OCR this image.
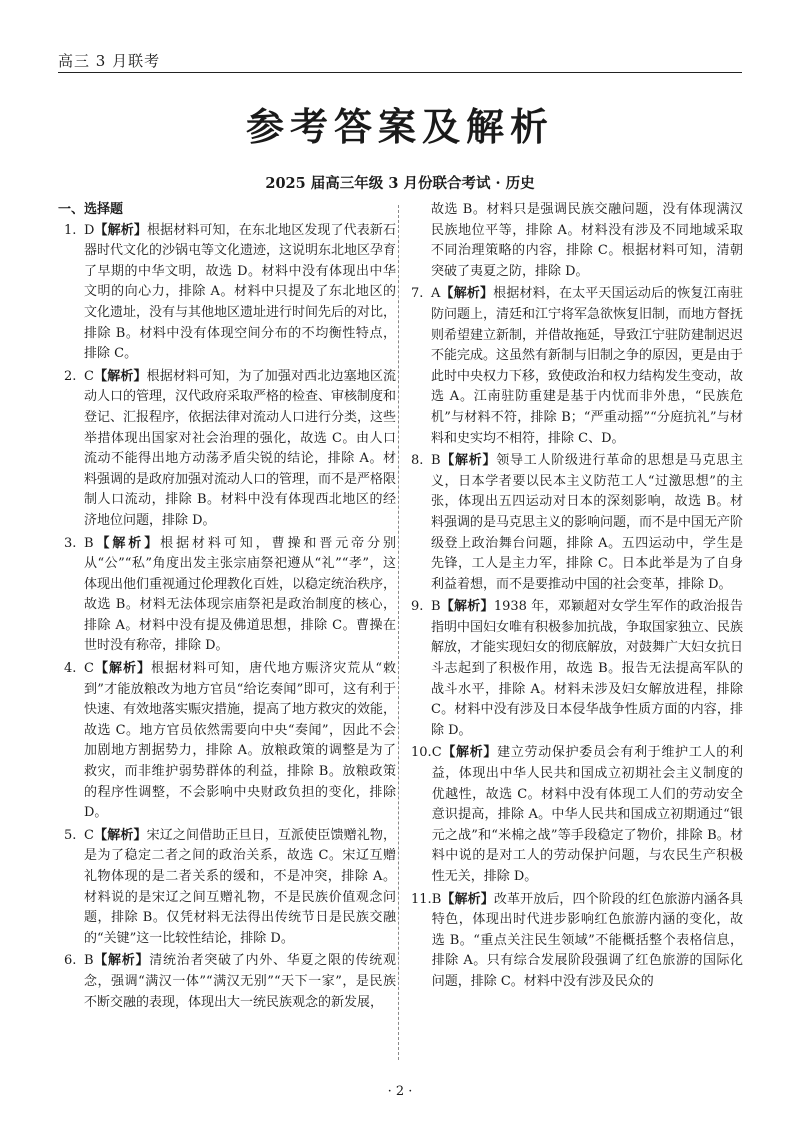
高三 3 月联考
参考答案及解析
2025 届高三年级 3 月份联合考试 · 历史

一、选择题

1. D【解析】根据材料可知，在东北地区发现了代表新石器时代文化的沙锅屯等文化遗迹，这说明东北地区孕育了早期的中华文明，故选 D。材料中没有体现出中华文明的向心力，排除 A。材料中只提及了东北地区的文化遗址，没有与其他地区遗址进行时间先后的对比，排除 B。材料中没有体现空间分布的不均衡性特点，排除 C。
2. C【解析】根据材料可知，为了加强对西北边塞地区流动人口的管理，汉代政府采取严格的检查、审核制度和登记、汇报程序，依据法律对流动人口进行分类，这些举措体现出国家对社会治理的强化，故选 C。由人口流动不能得出地方动荡矛盾尖锐的结论，排除 A。材料强调的是政府加强对流动人口的管理，而不是严格限制人口流动，排除 B。材料中没有体现西北地区的经济地位问题，排除 D。
3. B【解析】根据材料可知，曹操和晋元帝分别从“公”“私”角度出发主张宗庙祭祀遵从“礼”“孝”，这体现出他们重视通过伦理教化百姓，以稳定统治秩序，故选 B。材料无法体现宗庙祭祀是政治制度的核心，排除 A。材料中没有提及佛道思想，排除 C。曹操在世时没有称帝，排除 D。
4. C【解析】根据材料可知，唐代地方赈济灾荒从“敕到”才能放粮改为地方官员“给讫奏闻”即可，这有利于快速、有效地落实赈灾措施，提高了地方救灾的效能，故选 C。地方官员依然需要向中央“奏闻”，因此不会加剧地方割据势力，排除 A。放粮政策的调整是为了救灾，而非维护弱势群体的利益，排除 B。放粮政策的程序性调整，不会影响中央财政负担的变化，排除 D。
5. C【解析】宋辽之间借助正旦日，互派使臣馈赠礼物，是为了稳定二者之间的政治关系，故选 C。宋辽互赠礼物体现的是二者关系的缓和，不是冲突，排除 A。材料说的是宋辽之间互赠礼物，不是民族价值观念问题，排除 B。仅凭材料无法得出传统节日是民族交融的“关键”这一比较性结论，排除 D。
6. B【解析】清统治者突破了内外、华夏之限的传统观念，强调“满汉一体”“满汉无别”“天下一家”，是民族不断交融的表现，体现出大一统民族观念的新发展，

故选 B。材料只是强调民族交融问题，没有体现满汉民族地位平等，排除 A。材料没有涉及不同地域采取不同治理策略的内容，排除 C。根据材料可知，清朝突破了夷夏之防，排除 D。

7. A【解析】根据材料，在太平天国运动后的恢复江南驻防问题上，清廷和江宁将军急欲恢复旧制，而地方督抚则希望建立新制，并借故拖延，导致江宁驻防建制迟迟不能完成。这虽然有新制与旧制之争的原因，更是由于此时中央权力下移，致使政治和权力结构发生变动，故选 A。江南驻防重建是基于内忧而非外患，“民族危机”与材料不符，排除 B；“严重动摇”“分庭抗礼”与材料和史实均不相符，排除 C、D。
8. B【解析】领导工人阶级进行革命的思想是马克思主义，日本学者要以民本主义防范工人“过激思想”的主张，体现出五四运动对日本的深刻影响，故选 B。材料强调的是马克思主义的影响问题，而不是中国无产阶级登上政治舞台问题，排除 A。五四运动中，学生是先锋，工人是主力军，排除 C。日本此举是为了自身利益着想，而不是要推动中国的社会变革，排除 D。
9. B【解析】1938 年，邓颖超对女学生军作的政治报告指明中国妇女唯有积极参加抗战，争取国家独立、民族解放，才能实现妇女的彻底解放，对鼓舞广大妇女抗日斗志起到了积极作用，故选 B。报告无法提高军队的战斗水平，排除 A。材料未涉及妇女解放进程，排除 C。材料中没有涉及日本侵华战争性质方面的内容，排除 D。
10. C【解析】建立劳动保护委员会有利于维护工人的利益，体现出中华人民共和国成立初期社会主义制度的优越性，故选 C。材料中没有体现工人们的劳动安全意识提高，排除 A。中华人民共和国成立初期通过“银元之战”和“米棉之战”等手段稳定了物价，排除 B。材料中说的是对工人的劳动保护问题，与农民生产积极性无关，排除 D。
11. B【解析】改革开放后，四个阶段的红色旅游内涵各具特色，体现出时代进步影响红色旅游内涵的变化，故选 B。“重点关注民生领域”不能概括整个表格信息，排除 A。只有综合发展阶段强调了红色旅游的国际化问题，排除 C。材料中没有涉及民众的
· 2 ·
